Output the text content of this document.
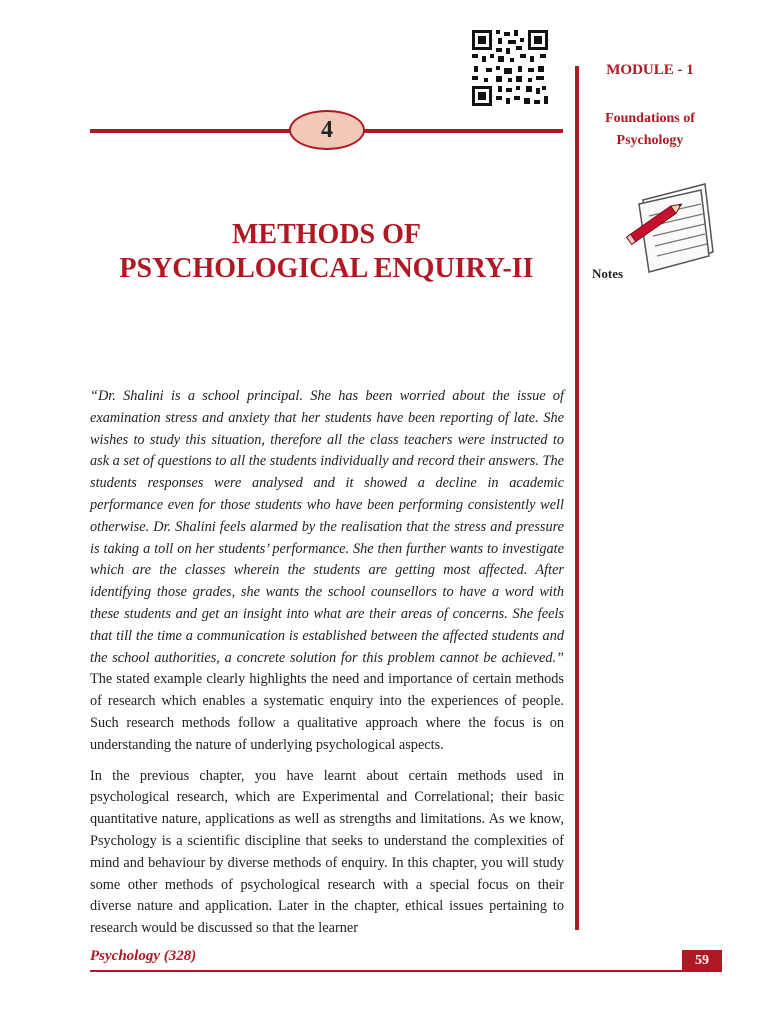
4
MODULE - 1
Foundations of
Psychology
Notes
METHODS OF
PSYCHOLOGICAL ENQUIRY-II

“Dr. Shalini is a school principal. She has been worried about the issue of examination stress and anxiety that her students have been reporting of late. She wishes to study this situation, therefore all the class teachers were instructed to ask a set of questions to all the students individually and record their answers. The students responses were analysed and it showed a decline in academic performance even for those students who have been performing consistently well otherwise. Dr. Shalini feels alarmed by the realisation that the stress and pressure is taking a toll on her students’ performance. She then further wants to investigate which are the classes wherein the students are getting most affected. After identifying those grades, she wants the school counsellors to have a word with these students and get an insight into what are their areas of concerns. She feels that till the time a communication is established between the affected students and the school authorities, a concrete solution for this problem cannot be achieved.” The stated example clearly highlights the need and importance of certain methods of research which enables a systematic enquiry into the experiences of people. Such research methods follow a qualitative approach where the focus is on understanding the nature of underlying psychological aspects.

In the previous chapter, you have learnt about certain methods used in psychological research, which are Experimental and Correlational; their basic quantitative nature, applications as well as strengths and limitations. As we know, Psychology is a scientific discipline that seeks to understand the complexities of mind and behaviour by diverse methods of enquiry. In this chapter, you will study some other methods of psychological research with a special focus on their diverse nature and application. Later in the chapter, ethical issues pertaining to research would be discussed so that the learner

Psychology (328)	59
